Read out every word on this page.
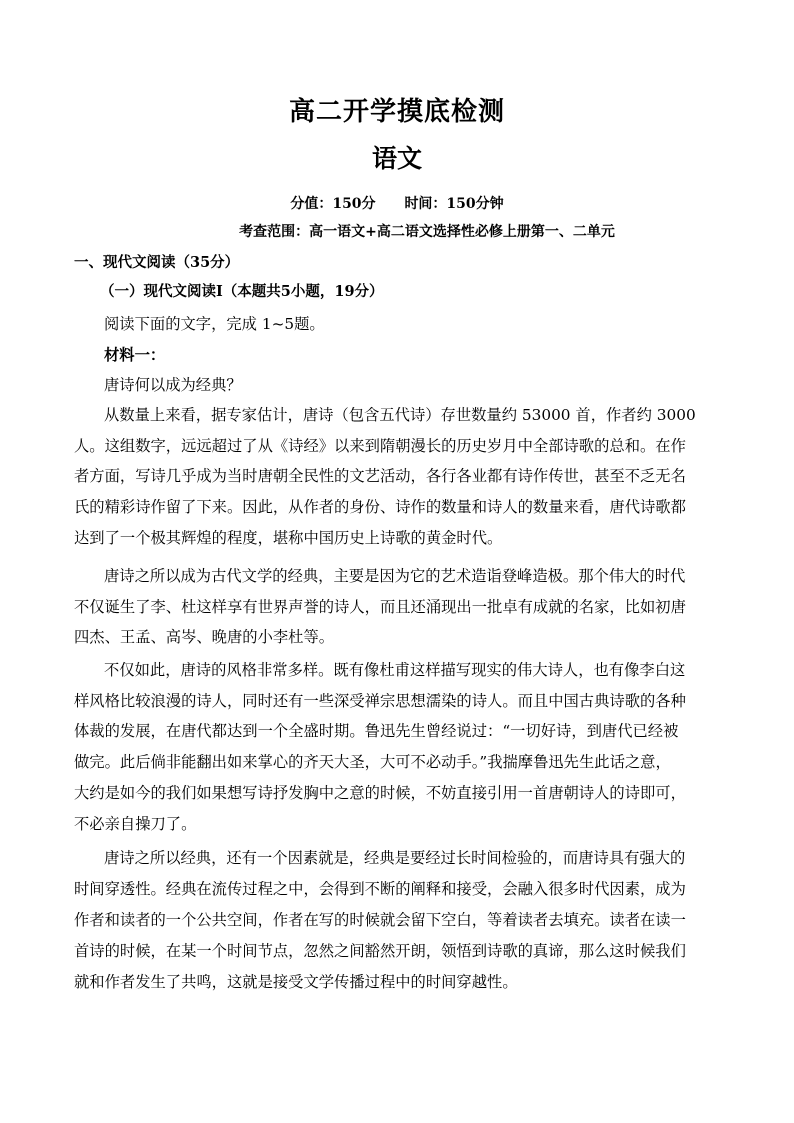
高二开学摸底检测
语文
分值：150分 时间：150分钟
考查范围：高一语文+高二语文选择性必修上册第一、二单元
一、现代文阅读（35分）
（一）现代文阅读Ⅰ（本题共5小题，19分）
阅读下面的文字，完成 1~5题。
材料一：
唐诗何以成为经典？
从数量上来看，据专家估计，唐诗（包含五代诗）存世数量约 53000 首，作者约 3000
人。这组数字，远远超过了从《诗经》以来到隋朝漫长的历史岁月中全部诗歌的总和。在作
者方面，写诗几乎成为当时唐朝全民性的文艺活动，各行各业都有诗作传世，甚至不乏无名
氏的精彩诗作留了下来。因此，从作者的身份、诗作的数量和诗人的数量来看，唐代诗歌都
达到了一个极其辉煌的程度，堪称中国历史上诗歌的黄金时代。
唐诗之所以成为古代文学的经典，主要是因为它的艺术造诣登峰造极。那个伟大的时代
不仅诞生了李、杜这样享有世界声誉的诗人，而且还涌现出一批卓有成就的名家，比如初唐
四杰、王孟、高岑、晚唐的小李杜等。
不仅如此，唐诗的风格非常多样。既有像杜甫这样描写现实的伟大诗人，也有像李白这
样风格比较浪漫的诗人，同时还有一些深受禅宗思想濡染的诗人。而且中国古典诗歌的各种
体裁的发展，在唐代都达到一个全盛时期。鲁迅先生曾经说过：“一切好诗，到唐代已经被
做完。此后倘非能翻出如来掌心的齐天大圣，大可不必动手。”我揣摩鲁迅先生此话之意，
大约是如今的我们如果想写诗抒发胸中之意的时候，不妨直接引用一首唐朝诗人的诗即可，
不必亲自操刀了。
唐诗之所以经典，还有一个因素就是，经典是要经过长时间检验的，而唐诗具有强大的
时间穿透性。经典在流传过程之中，会得到不断的阐释和接受，会融入很多时代因素，成为
作者和读者的一个公共空间，作者在写的时候就会留下空白，等着读者去填充。读者在读一
首诗的时候，在某一个时间节点，忽然之间豁然开朗，领悟到诗歌的真谛，那么这时候我们
就和作者发生了共鸣，这就是接受文学传播过程中的时间穿越性。
